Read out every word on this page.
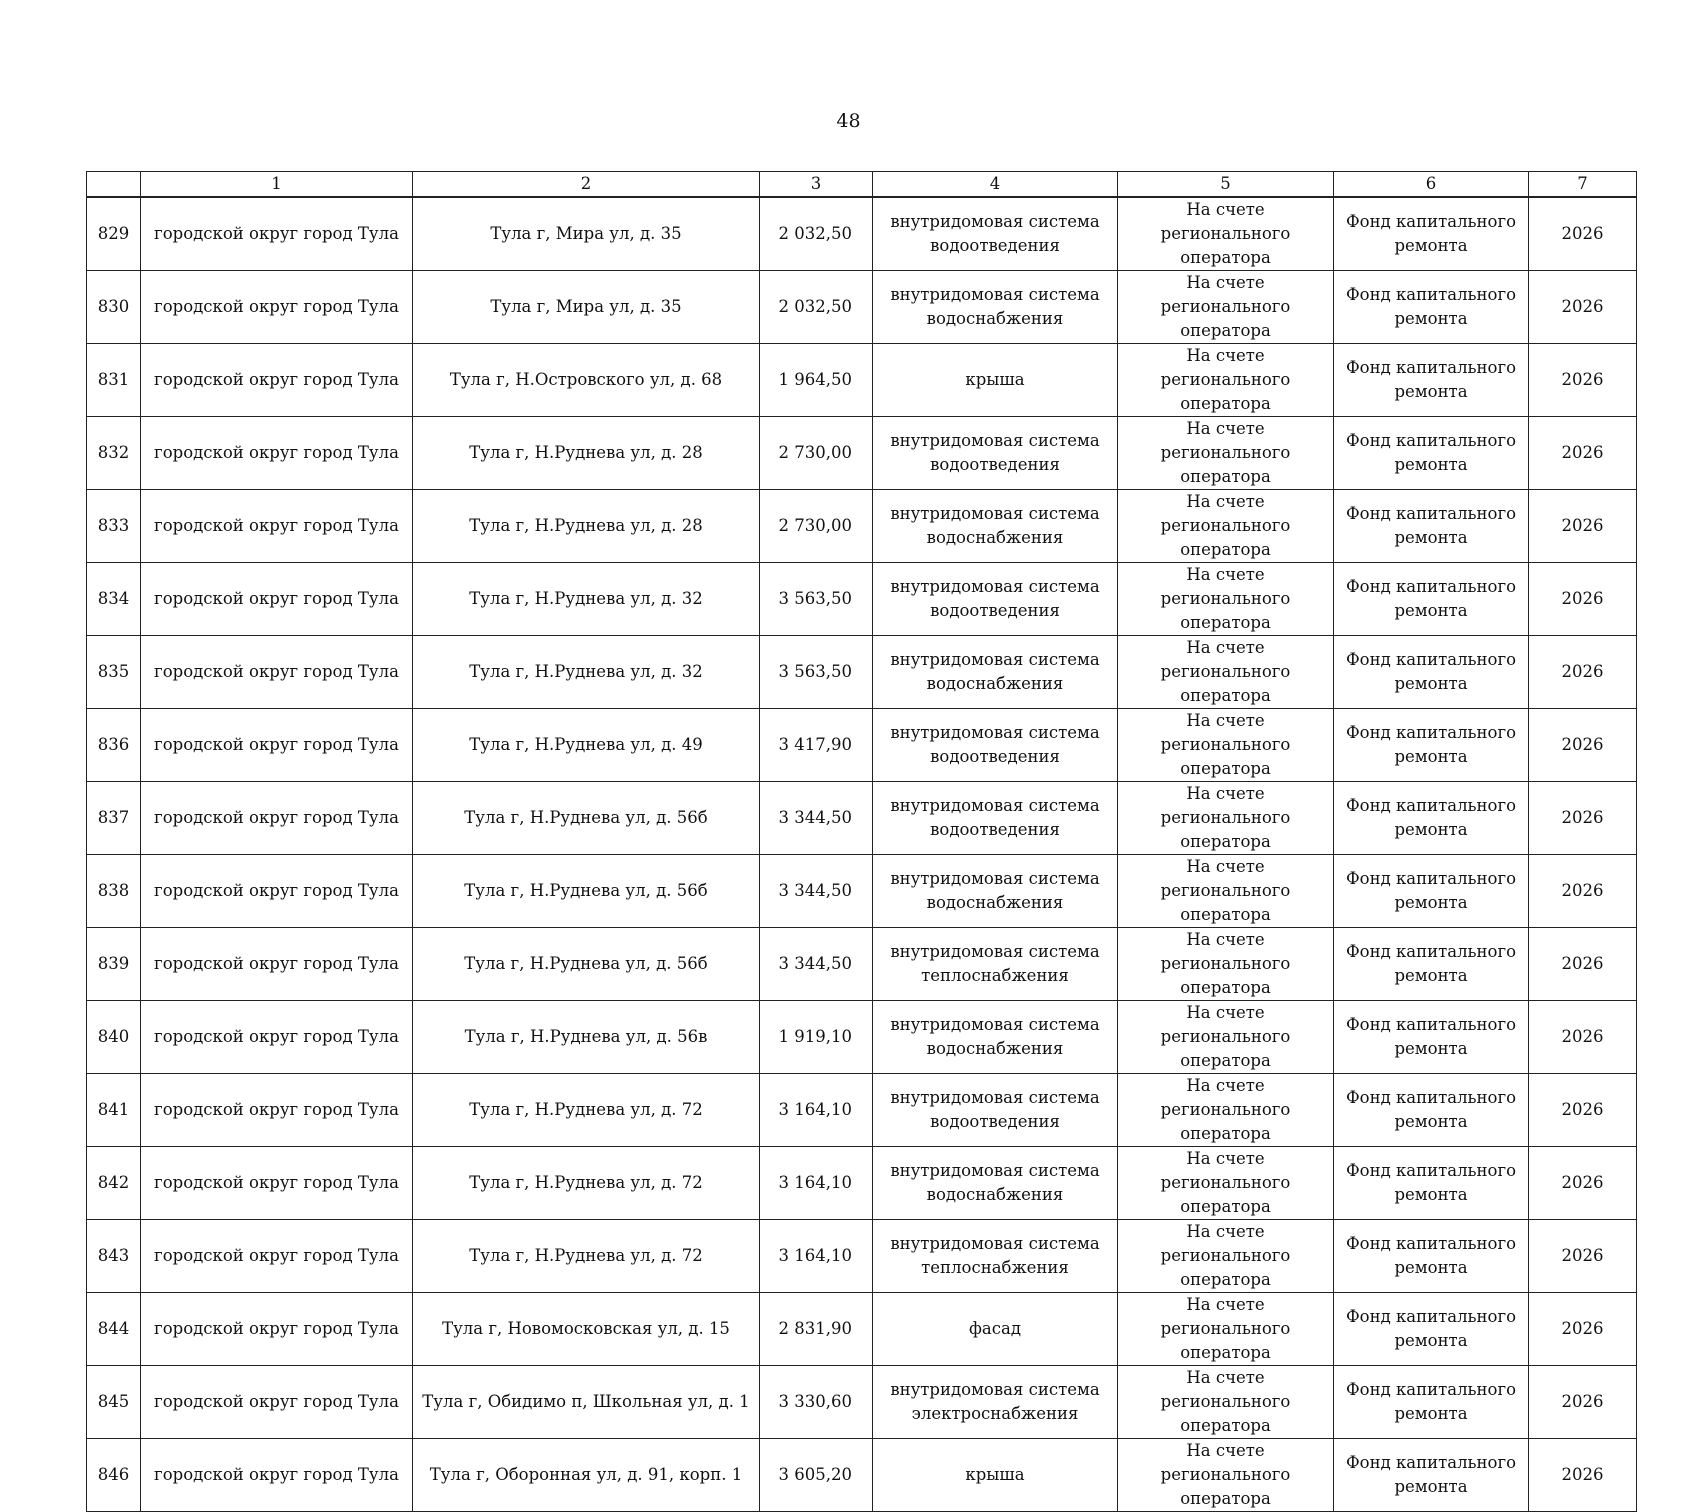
48
	1	2	3	4	5	6	7
829	городской округ город Тула	Тула г, Мира ул, д. 35	2 032,50	внутридомовая система водоотведения	На счете регионального оператора	Фонд капитального ремонта	2026
830	городской округ город Тула	Тула г, Мира ул, д. 35	2 032,50	внутридомовая система водоснабжения	На счете регионального оператора	Фонд капитального ремонта	2026
831	городской округ город Тула	Тула г, Н.Островского ул, д. 68	1 964,50	крыша	На счете регионального оператора	Фонд капитального ремонта	2026
832	городской округ город Тула	Тула г, Н.Руднева ул, д. 28	2 730,00	внутридомовая система водоотведения	На счете регионального оператора	Фонд капитального ремонта	2026
833	городской округ город Тула	Тула г, Н.Руднева ул, д. 28	2 730,00	внутридомовая система водоснабжения	На счете регионального оператора	Фонд капитального ремонта	2026
834	городской округ город Тула	Тула г, Н.Руднева ул, д. 32	3 563,50	внутридомовая система водоотведения	На счете регионального оператора	Фонд капитального ремонта	2026
835	городской округ город Тула	Тула г, Н.Руднева ул, д. 32	3 563,50	внутридомовая система водоснабжения	На счете регионального оператора	Фонд капитального ремонта	2026
836	городской округ город Тула	Тула г, Н.Руднева ул, д. 49	3 417,90	внутридомовая система водоотведения	На счете регионального оператора	Фонд капитального ремонта	2026
837	городской округ город Тула	Тула г, Н.Руднева ул, д. 56б	3 344,50	внутридомовая система водоотведения	На счете регионального оператора	Фонд капитального ремонта	2026
838	городской округ город Тула	Тула г, Н.Руднева ул, д. 56б	3 344,50	внутридомовая система водоснабжения	На счете регионального оператора	Фонд капитального ремонта	2026
839	городской округ город Тула	Тула г, Н.Руднева ул, д. 56б	3 344,50	внутридомовая система теплоснабжения	На счете регионального оператора	Фонд капитального ремонта	2026
840	городской округ город Тула	Тула г, Н.Руднева ул, д. 56в	1 919,10	внутридомовая система водоснабжения	На счете регионального оператора	Фонд капитального ремонта	2026
841	городской округ город Тула	Тула г, Н.Руднева ул, д. 72	3 164,10	внутридомовая система водоотведения	На счете регионального оператора	Фонд капитального ремонта	2026
842	городской округ город Тула	Тула г, Н.Руднева ул, д. 72	3 164,10	внутридомовая система водоснабжения	На счете регионального оператора	Фонд капитального ремонта	2026
843	городской округ город Тула	Тула г, Н.Руднева ул, д. 72	3 164,10	внутридомовая система теплоснабжения	На счете регионального оператора	Фонд капитального ремонта	2026
844	городской округ город Тула	Тула г, Новомосковская ул, д. 15	2 831,90	фасад	На счете регионального оператора	Фонд капитального ремонта	2026
845	городской округ город Тула	Тула г, Обидимо п, Школьная ул, д. 1	3 330,60	внутридомовая система электроснабжения	На счете регионального оператора	Фонд капитального ремонта	2026
846	городской округ город Тула	Тула г, Оборонная ул, д. 91, корп. 1	3 605,20	крыша	На счете регионального оператора	Фонд капитального ремонта	2026
